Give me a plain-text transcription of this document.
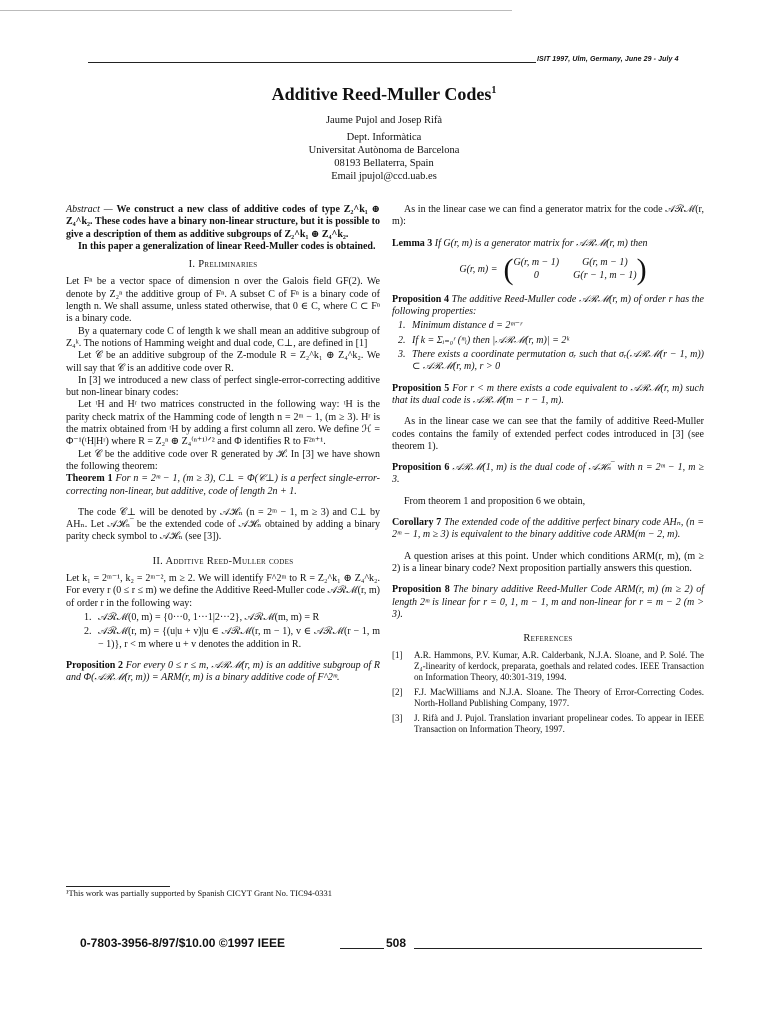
ISIT 1997, Ulm, Germany, June 29 - July 4
Additive Reed-Muller Codes$^1$
Jaume Pujol and Josep Rifà
Dept. Informàtica
Universitat Autònoma de Barcelona
08193 Bellaterra, Spain
Email jpujol@ccd.uab.es

Abstract — We construct a new class of additive codes of type Z₂^k₁ ⊕ Z₄^k₂. These codes have a binary non-linear structure, but it is possible to give a description of them as additive subgroups of Z₂^k₁ ⊕ Z₄^k₂.

In this paper a generalization of linear Reed-Muller codes is obtained.

I. Preliminaries

Let Fⁿ be a vector space of dimension n over the Galois field GF(2). We denote by Z₂ⁿ the additive group of Fⁿ. A subset C of Fⁿ is a binary code of length n. We shall assume, unless stated otherwise, that 0 ∈ C, where C ⊂ Fⁿ is a binary code.

By a quaternary code C of length k we shall mean an additive subgroup of Z₄ᵏ. The notions of Hamming weight and dual code, C⊥, are defined in [1]

Let 𝒞 be an additive subgroup of the Z-module R = Z₂^k₁ ⊕ Z₄^k₂. We will say that 𝒞 is an additive code over R.

In [3] we introduced a new class of perfect single-error-correcting additive but non-linear binary codes:

Let ᵗH and Hʳ two matrices constructed in the following way: ᵗH is the parity check matrix of the Hamming code of length n = 2ᵐ − 1, (m ≥ 3). Hʳ is the matrix obtained from ᵗH by adding a first column all zero. We define ℋ = Φ⁻¹(ᵗH|Hʳ) where R = Z₂ⁿ ⊕ Z₄⁽ⁿ⁺¹⁾ᐟ² and Φ identifies R to F²ⁿ⁺¹.

Let 𝒞 be the additive code over R generated by ℋ. In [3] we have shown the following theorem:

Theorem 1 For n = 2ᵐ − 1, (m ≥ 3), C⊥ = Φ(𝒞⊥) is a perfect single-error-correcting non-linear, but additive, code of length 2n + 1.

The code 𝒞⊥ will be denoted by 𝒜ℋₙ (n = 2ᵐ − 1, m ≥ 3) and C⊥ by AHₙ. Let 𝒜ℋₙ‾ be the extended code of 𝒜ℋₙ obtained by adding a binary parity check symbol to 𝒜ℋₙ (see [3]).

II. Additive Reed-Muller codes

Let k₁ = 2ᵐ⁻¹, k₂ = 2ᵐ⁻², m ≥ 2. We will identify F^2ᵐ to R = Z₂^k₁ ⊕ Z₄^k₂. For every r (0 ≤ r ≤ m) we define the Additive Reed-Muller code 𝒜ℛℳ(r, m) of order r in the following way:

1. 𝒜ℛℳ(0, m) = {0···0, 1···1|2···2}, 𝒜ℛℳ(m, m) = R
2. 𝒜ℛℳ(r, m) = {(u|u + v)|u ∈ 𝒜ℛℳ(r, m − 1), v ∈ 𝒜ℛℳ(r − 1, m − 1)}, r < m where u + v denotes the addition in R.

Proposition 2 For every 0 ≤ r ≤ m, 𝒜ℛℳ(r, m) is an additive subgroup of R and Φ(𝒜ℛℳ(r, m)) = ARM(r, m) is a binary additive code of F^2ᵐ.

¹This work was partially supported by Spanish CICYT Grant No. TIC94-0331

As in the linear case we can find a generator matrix for the code 𝒜ℛℳ(r, m):

Lemma 3 If G(r, m) is a generator matrix for 𝒜ℛℳ(r, m) then

G(r, m) = ( G(r, m − 1)	G(r, m − 1)
0	G(r − 1, m − 1) )

Proposition 4 The additive Reed-Muller code 𝒜ℛℳ(r, m) of order r has the following properties:

1. Minimum distance d = 2ᵐ⁻ʳ
2. If k = Σᵢ₌₀ʳ (ᵐᵢ) then |𝒜ℛℳ(r, m)| = 2ᵏ
3. There exists a coordinate permutation σᵣ such that σᵣ(𝒜ℛℳ(r − 1, m)) ⊂ 𝒜ℛℳ(r, m), r > 0

Proposition 5 For r < m there exists a code equivalent to 𝒜ℛℳ(r, m) such that its dual code is 𝒜ℛℳ(m − r − 1, m).

As in the linear case we can see that the family of additive Reed-Muller codes contains the family of extended perfect codes introduced in [3] (see theorem 1).

Proposition 6 𝒜ℛℳ(1, m) is the dual code of 𝒜ℋₙ‾ with n = 2ᵐ − 1, m ≥ 3.

From theorem 1 and proposition 6 we obtain,

Corollary 7 The extended code of the additive perfect binary code AHₙ, (n = 2ᵐ − 1, m ≥ 3) is equivalent to the binary additive code ARM(m − 2, m).

A question arises at this point. Under which conditions ARM(r, m), (m ≥ 2) is a linear binary code? Next proposition partially answers this question.

Proposition 8 The binary additive Reed-Muller Code ARM(r, m) (m ≥ 2) of length 2ᵐ is linear for r = 0, 1, m − 1, m and non-linear for r = m − 2 (m > 3).

References
[1]	A.R. Hammons, P.V. Kumar, A.R. Calderbank, N.J.A. Sloane, and P. Solé. The Z₄-linearity of kerdock, preparata, goethals and related codes. IEEE Transaction on Information Theory, 40:301-319, 1994.
[2]	F.J. MacWilliams and N.J.A. Sloane. The Theory of Error-Correcting Codes. North-Holland Publishing Company, 1977.
[3]	J. Rifà and J. Pujol. Translation invariant propelinear codes. To appear in IEEE Transaction on Information Theory, 1997.
0-7803-3956-8/97/$10.00 ©1997 IEEE	508
